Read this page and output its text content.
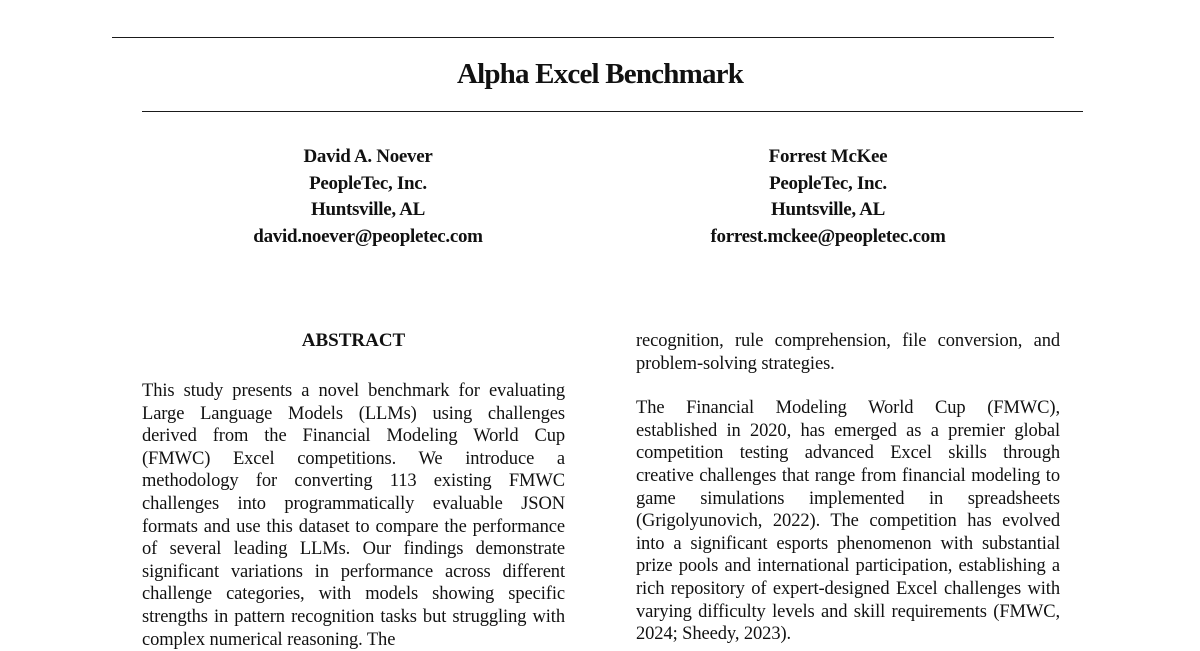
Alpha Excel Benchmark
David A. Noever
PeopleTec, Inc.
Huntsville, AL
david.noever@peopletec.com
Forrest McKee
PeopleTec, Inc.
Huntsville, AL
forrest.mckee@peopletec.com
ABSTRACT

This study presents a novel benchmark for evaluating Large Language Models (LLMs) using challenges derived from the Financial Modeling World Cup (FMWC) Excel competitions. We introduce a methodology for converting 113 existing FMWC challenges into programmatically evaluable JSON formats and use this dataset to compare the performance of several leading LLMs. Our findings demonstrate significant variations in performance across different challenge categories, with models showing specific strengths in pattern recognition tasks but struggling with complex numerical reasoning. The

recognition, rule comprehension, file conversion, and problem-solving strategies.

The Financial Modeling World Cup (FMWC), established in 2020, has emerged as a premier global competition testing advanced Excel skills through creative challenges that range from financial modeling to game simulations implemented in spreadsheets (Grigolyunovich, 2022). The competition has evolved into a significant esports phenomenon with substantial prize pools and international participation, establishing a rich repository of expert-designed Excel challenges with varying difficulty levels and skill requirements (FMWC, 2024; Sheedy, 2023).
